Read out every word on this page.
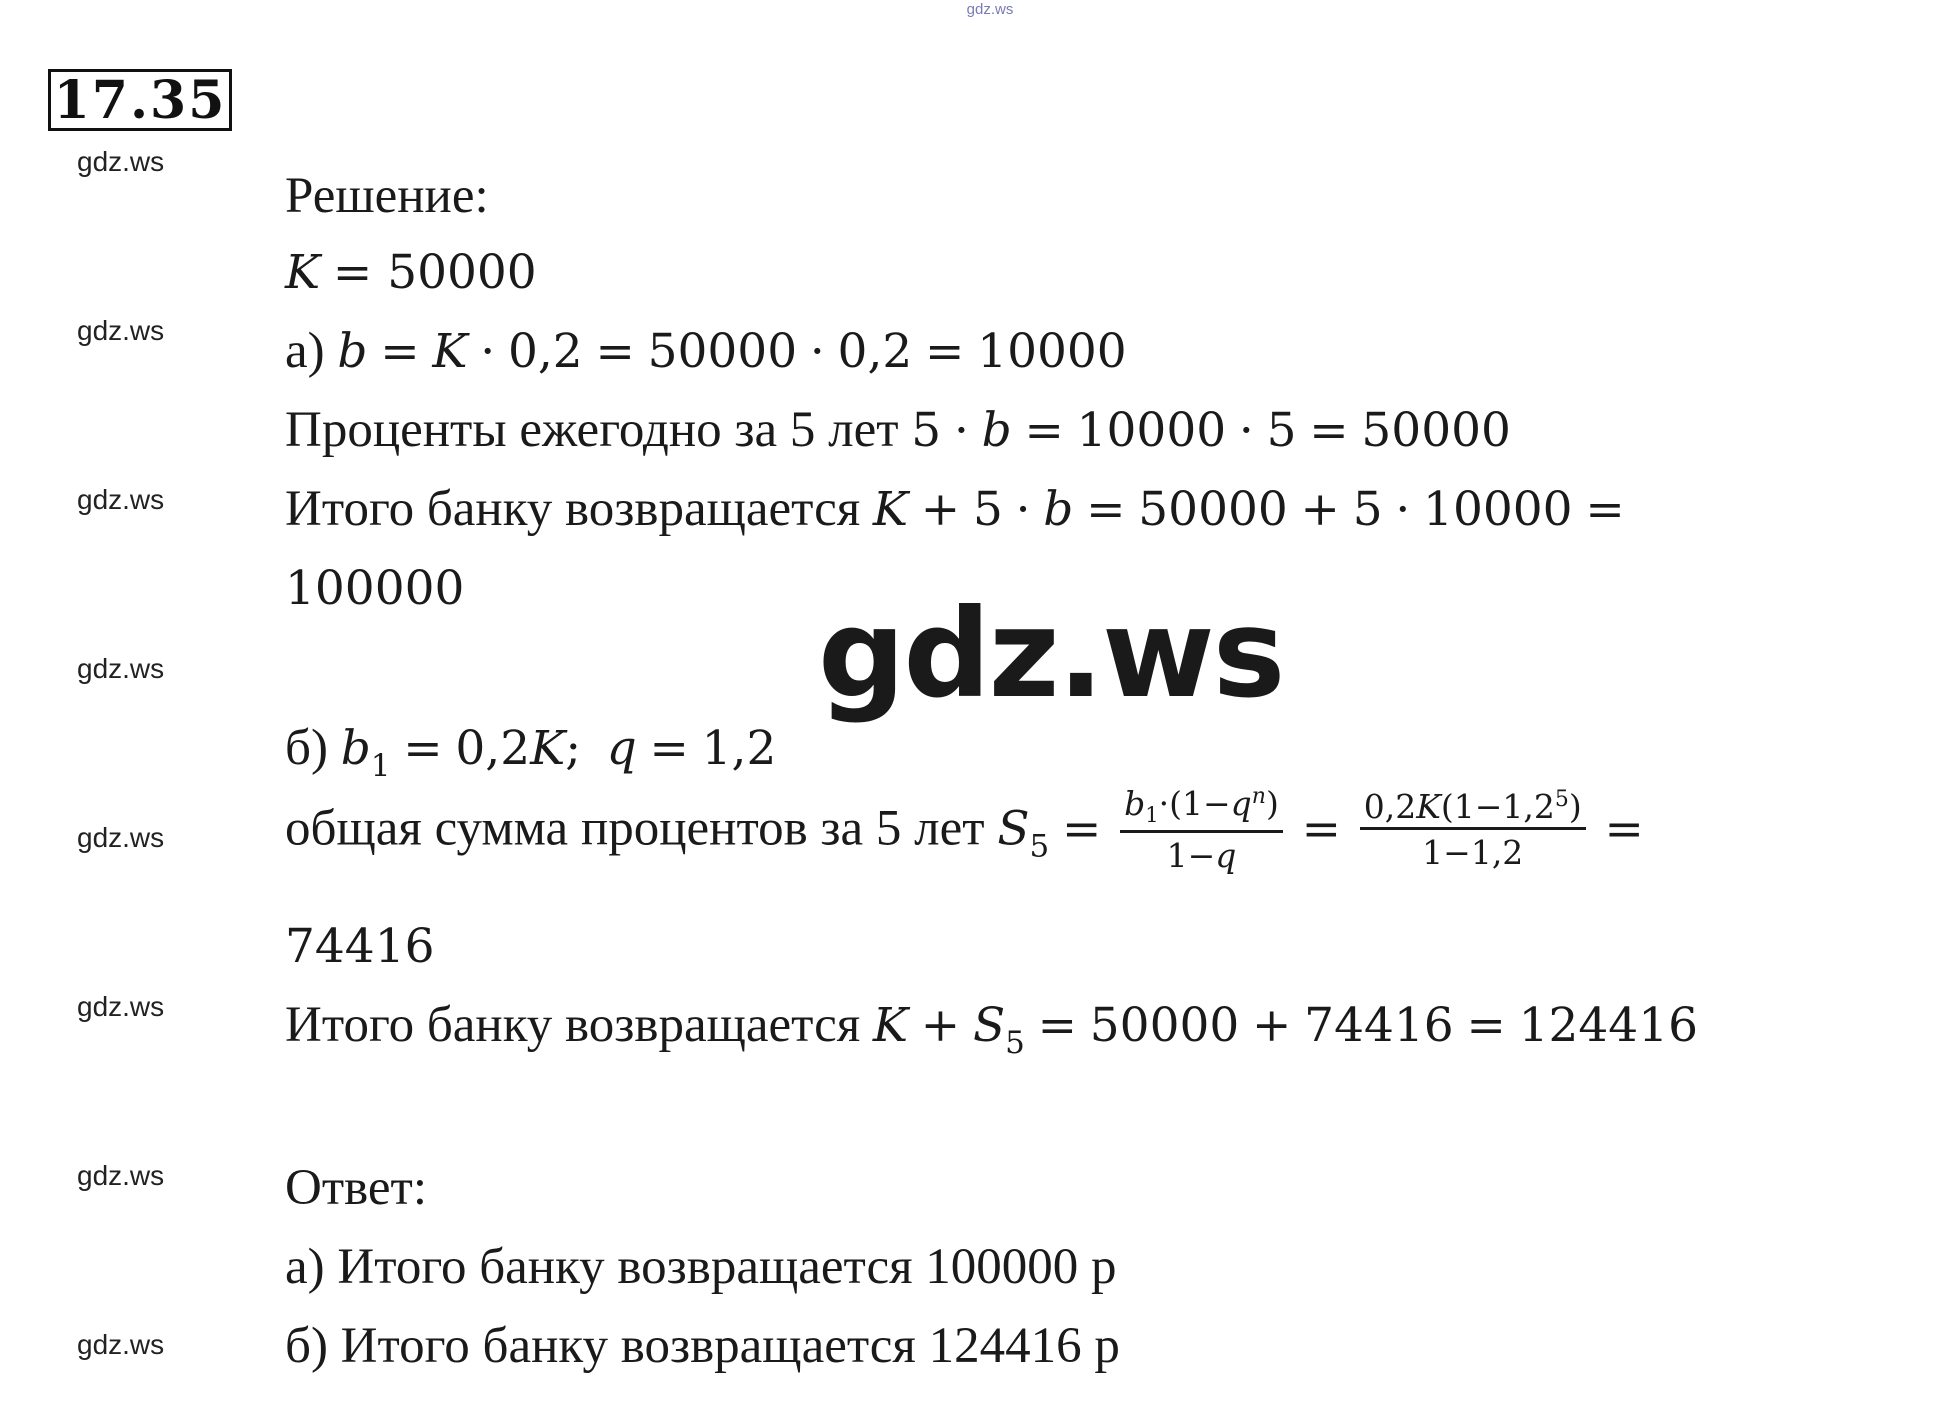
gdz.ws
17.35
gdz.ws
gdz.ws
gdz.ws
gdz.ws
gdz.ws
gdz.ws
gdz.ws
gdz.ws
gdz.ws
Решение:
K = 50000
а) b = K · 0,2 = 50000 · 0,2 = 10000
Проценты ежегодно за 5 лет 5 · b = 10000 · 5 = 50000
Итого банку возвращается K + 5 · b = 50000 + 5 · 10000 =
100000
б) $b_1 = 0,2K$; q = 1,2
общая сумма процентов за 5 лет $S_5 = \frac{b_1\cdot(1-q^n)}{1-q} = \frac{0,2K(1-1,2^5)}{1-1,2}$ =
74416
Итого банку возвращается $K + S_5 = 50000 + 74416 = 124416$
Ответ:
а) Итого банку возвращается 100000 р
б) Итого банку возвращается 124416 р
